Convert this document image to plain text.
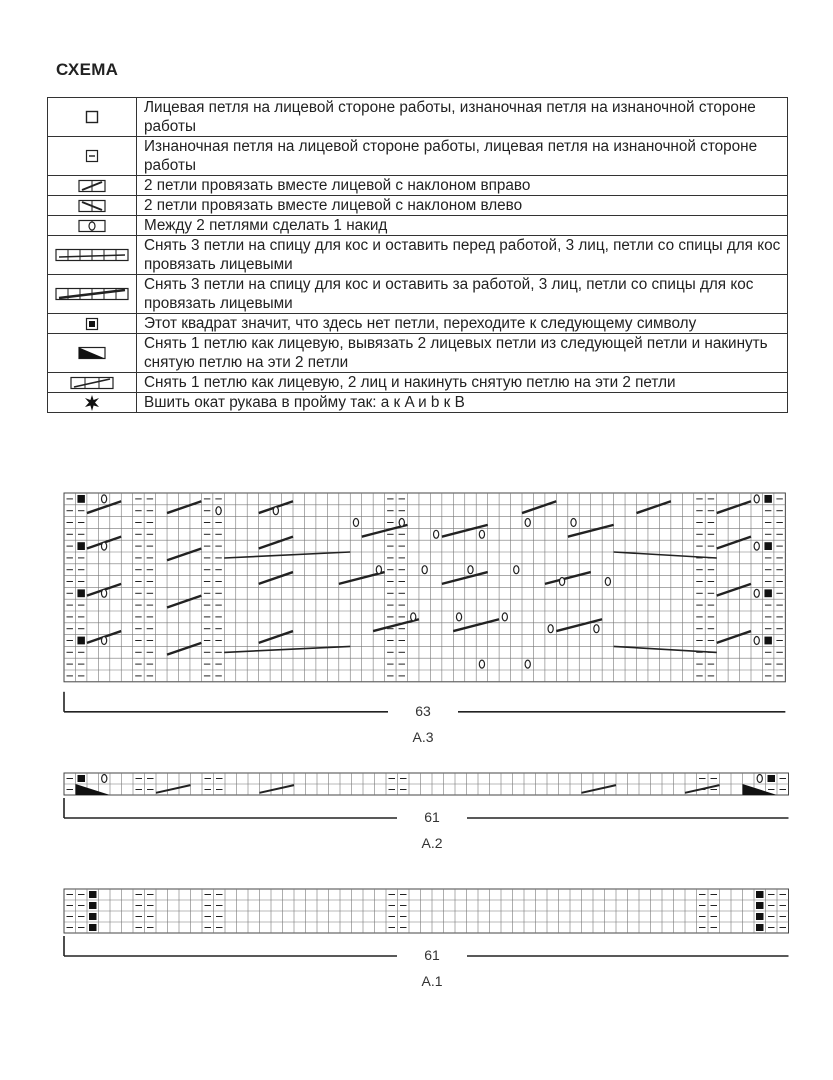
СХЕМА
	Лицевая петля на лицевой стороне работы, изнаночная петля на изнаночной стороне работы

	Изнаночная петля на лицевой стороне работы, лицевая петля на изнаночной стороне работы

	2 петли провязать вместе лицевой с наклоном вправо

	2 петли провязать вместе лицевой с наклоном влево

	Между 2 петлями сделать 1 накид

	Снять 3 петли на спицу для кос и оставить перед работой, 3 лиц, петли со спицы для кос провязать лицевыми

	Снять 3 петли на спицу для кос и оставить за работой, 3 лиц, петли со спицы для кос провязать лицевыми

	Этот квадрат значит, что здесь нет петли, переходите к следующему символу

	Снять 1 петлю как лицевую, вывязать 2 лицевых петли из следующей петли и накинуть снятую петлю на эти 2 петли

	Снять 1 петлю как лицевую, 2 лиц и накинуть снятую петлю на эти 2 петли

	Вшить окат рукава в пройму так: а к A и b к B
63
A.3
61
A.2
61
A.1
